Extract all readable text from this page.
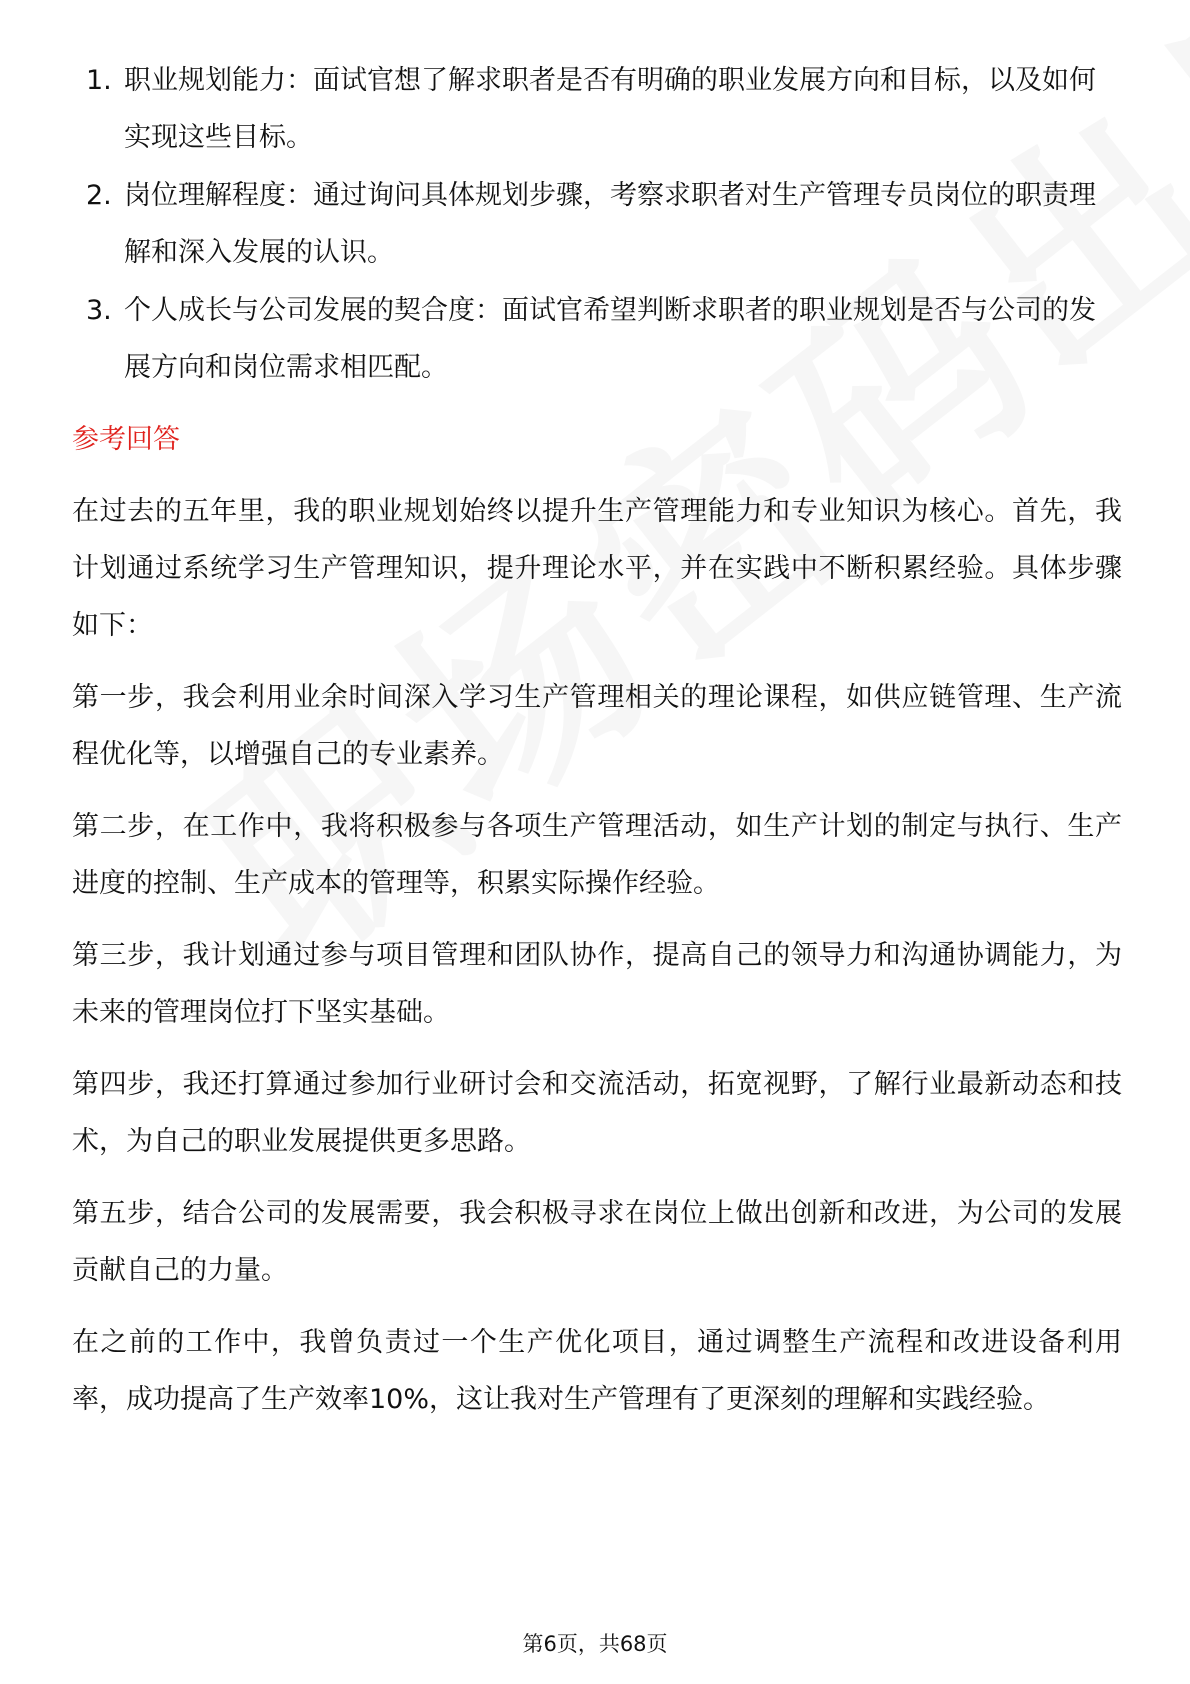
1. 职业规划能力：面试官想了解求职者是否有明确的职业发展方向和目标，以及如何实现这些目标。
2. 岗位理解程度：通过询问具体规划步骤，考察求职者对生产管理专员岗位的职责理解和深入发展的认识。
3. 个人成长与公司发展的契合度：面试官希望判断求职者的职业规划是否与公司的发展方向和岗位需求相匹配。
参考回答

在过去的五年里，我的职业规划始终以提升生产管理能力和专业知识为核心。首先，我计划通过系统学习生产管理知识，提升理论水平，并在实践中不断积累经验。具体步骤如下：

第一步，我会利用业余时间深入学习生产管理相关的理论课程，如供应链管理、生产流程优化等，以增强自己的专业素养。

第二步，在工作中，我将积极参与各项生产管理活动，如生产计划的制定与执行、生产进度的控制、生产成本的管理等，积累实际操作经验。

第三步，我计划通过参与项目管理和团队协作，提高自己的领导力和沟通协调能力，为未来的管理岗位打下坚实基础。

第四步，我还打算通过参加行业研讨会和交流活动，拓宽视野，了解行业最新动态和技术，为自己的职业发展提供更多思路。

第五步，结合公司的发展需要，我会积极寻求在岗位上做出创新和改进，为公司的发展贡献自己的力量。

在之前的工作中，我曾负责过一个生产优化项目，通过调整生产流程和改进设备利用率，成功提高了生产效率10%，这让我对生产管理有了更深刻的理解和实践经验。

第6页，共68页
